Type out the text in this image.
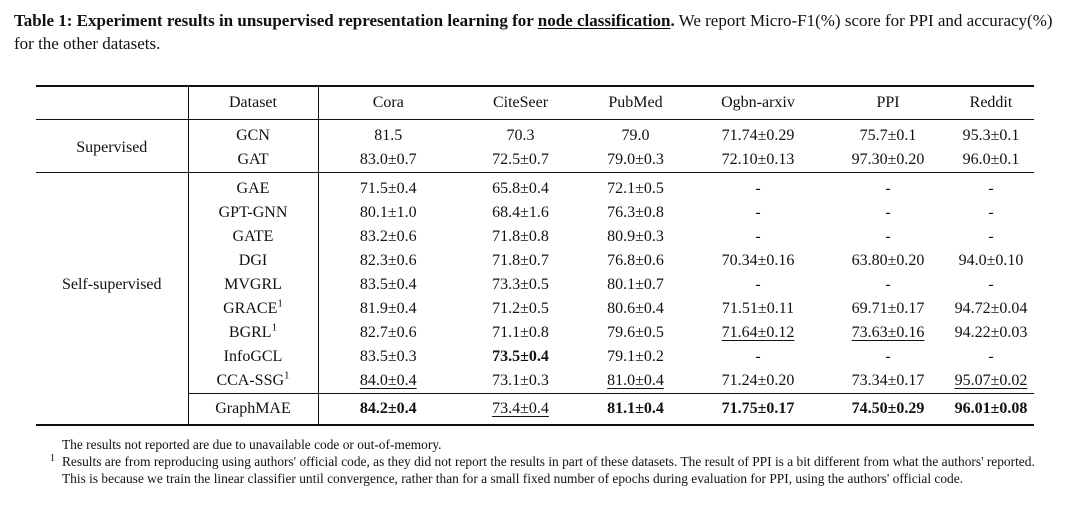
Table 1: Experiment results in unsupervised representation learning for node classification. We report Micro-F1(%) score for PPI and accuracy(%) for the other datasets.
	Dataset	Cora	CiteSeer	PubMed	Ogbn-arxiv	PPI	Reddit
Supervised	GCN	81.5	70.3	79.0	71.74±0.29	75.7±0.1	95.3±0.1
	GAT	83.0±0.7	72.5±0.7	79.0±0.3	72.10±0.13	97.30±0.20	96.0±0.1
Self-supervised	GAE	71.5±0.4	65.8±0.4	72.1±0.5	-	-	-
	GPT-GNN	80.1±1.0	68.4±1.6	76.3±0.8	-	-	-
	GATE	83.2±0.6	71.8±0.8	80.9±0.3	-	-	-
	DGI	82.3±0.6	71.8±0.7	76.8±0.6	70.34±0.16	63.80±0.20	94.0±0.10
	MVGRL	83.5±0.4	73.3±0.5	80.1±0.7	-	-	-
	GRACE$^1$	81.9±0.4	71.2±0.5	80.6±0.4	71.51±0.11	69.71±0.17	94.72±0.04
	BGRL$^1$	82.7±0.6	71.1±0.8	79.6±0.5	71.64±0.12	73.63±0.16	94.22±0.03
	InfoGCL	83.5±0.3	73.5±0.4	79.1±0.2	-	-	-
	CCA-SSG$^1$	84.0±0.4	73.1±0.3	81.0±0.4	71.24±0.20	73.34±0.17	95.07±0.02
	GraphMAE	84.2±0.4	73.4±0.4	81.1±0.4	71.75±0.17	74.50±0.29	96.01±0.08
The results not reported are due to unavailable code or out-of-memory.
1 Results are from reproducing using authors' official code, as they did not report the results in part of these datasets. The result of PPI is a bit different from what the authors' reported. This is because we train the linear classifier until convergence, rather than for a small fixed number of epochs during evaluation for PPI, using the authors' official code.
